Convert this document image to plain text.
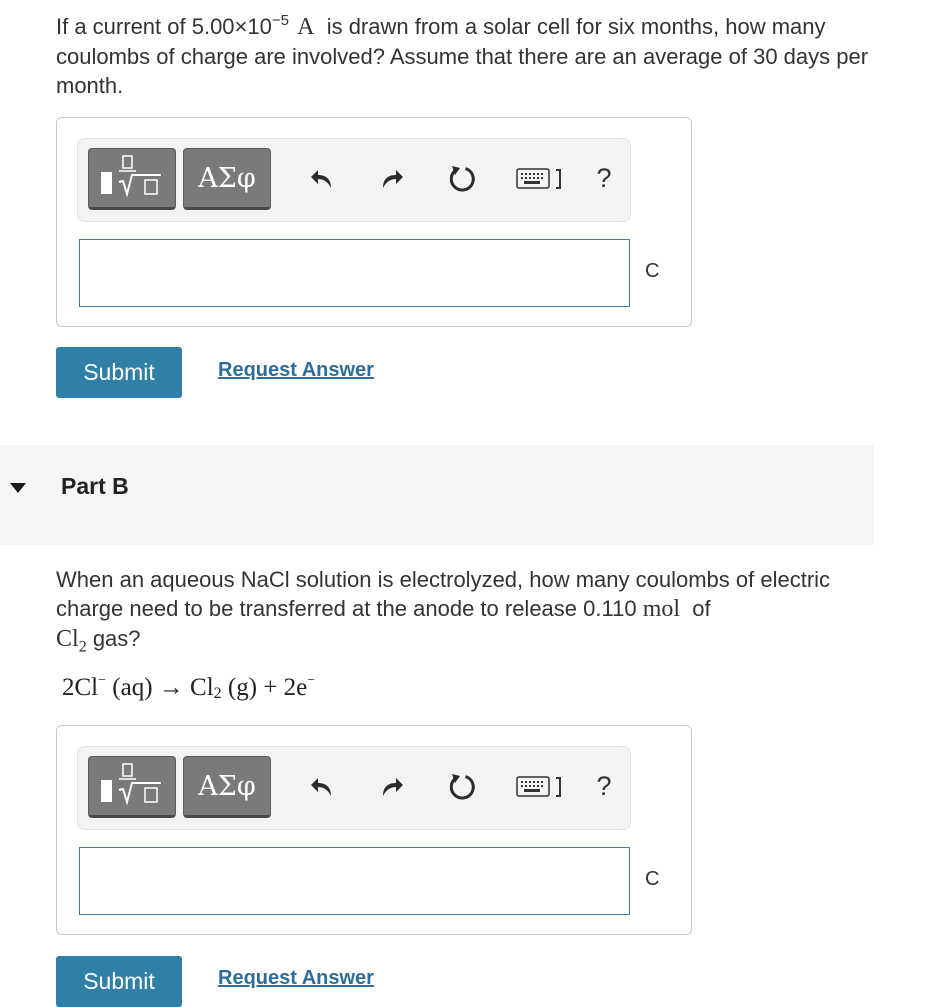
If a current of $5.00\times 10^{-5}$ A is drawn from a solar cell for six months, how many coulombs of charge are involved? Assume that there are an average of 30 days per month.

ΑΣφ	?
C
Submit	Request Answer
Part B

When an aqueous NaCl solution is electrolyzed, how many coulombs of electric charge need to be transferred at the anode to release 0.110 mol of
$Cl_2$ gas?

2Cl− $(aq) \to Cl_2$ (g) + 2e−
ΑΣφ	?
C
Submit	Request Answer
